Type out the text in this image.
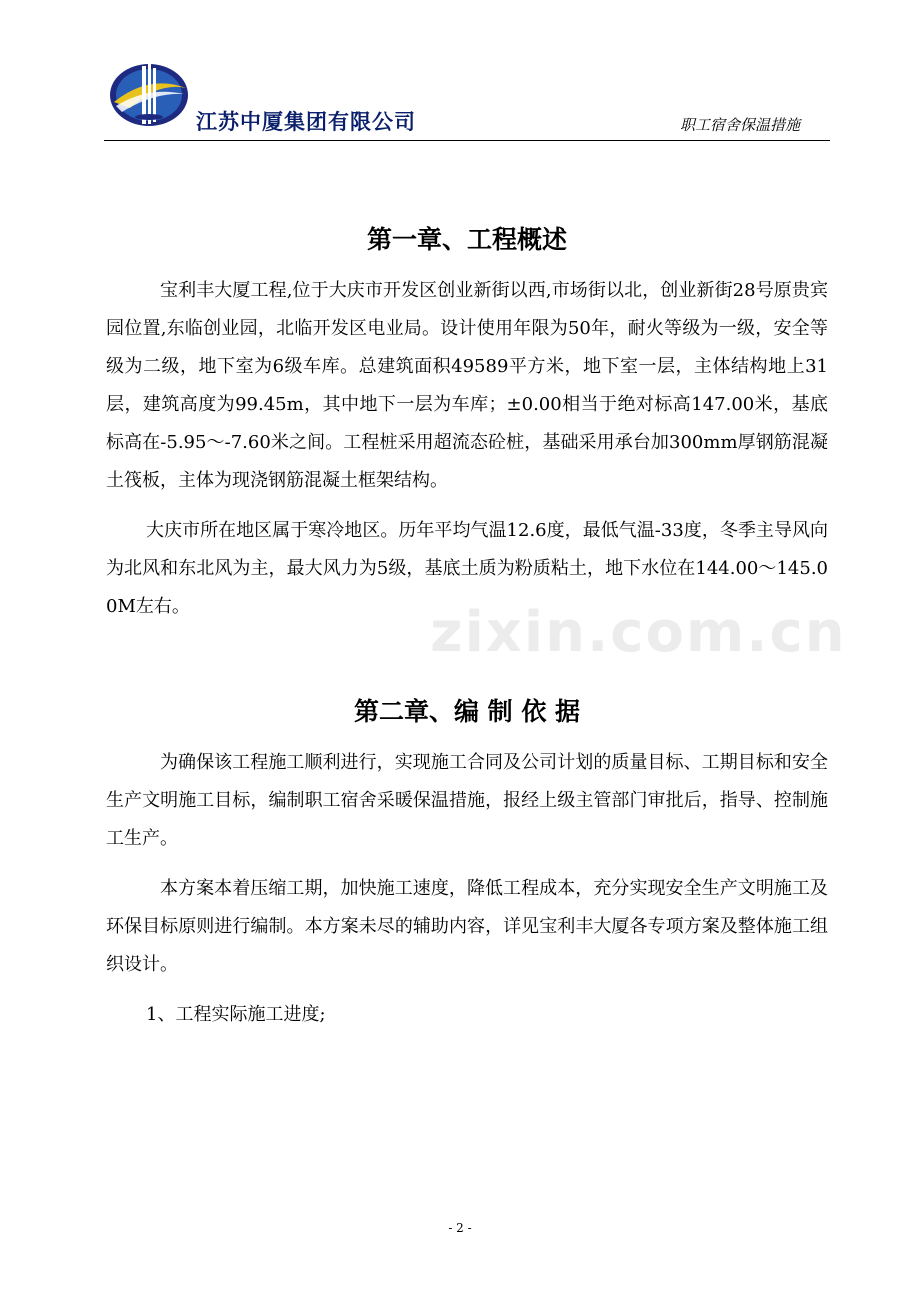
江苏中厦集团有限公司	职工宿舍保温措施
zixin.com.cn
第一章、工程概述

宝利丰大厦工程,位于大庆市开发区创业新街以西,市场街以北，创业新街28号原贵宾园位置,东临创业园，北临开发区电业局。设计使用年限为50年，耐火等级为一级，安全等级为二级，地下室为6级车库。总建筑面积49589平方米，地下室一层，主体结构地上31层，建筑高度为99.45m，其中地下一层为车库；±0.00相当于绝对标高147.00米，基底标高在-5.95～-7.60米之间。工程桩采用超流态砼桩，基础采用承台加300mm厚钢筋混凝土筏板，主体为现浇钢筋混凝土框架结构。

大庆市所在地区属于寒冷地区。历年平均气温12.6度，最低气温-33度，冬季主导风向为北风和东北风为主，最大风力为5级，基底土质为粉质粘土，地下水位在144.00～145.00M左右。

第二章、编 制 依 据

为确保该工程施工顺利进行，实现施工合同及公司计划的质量目标、工期目标和安全生产文明施工目标，编制职工宿舍采暖保温措施，报经上级主管部门审批后，指导、控制施工生产。

本方案本着压缩工期，加快施工速度，降低工程成本，充分实现安全生产文明施工及环保目标原则进行编制。本方案未尽的辅助内容，详见宝利丰大厦各专项方案及整体施工组织设计。

1、工程实际施工进度;

- 2 -
